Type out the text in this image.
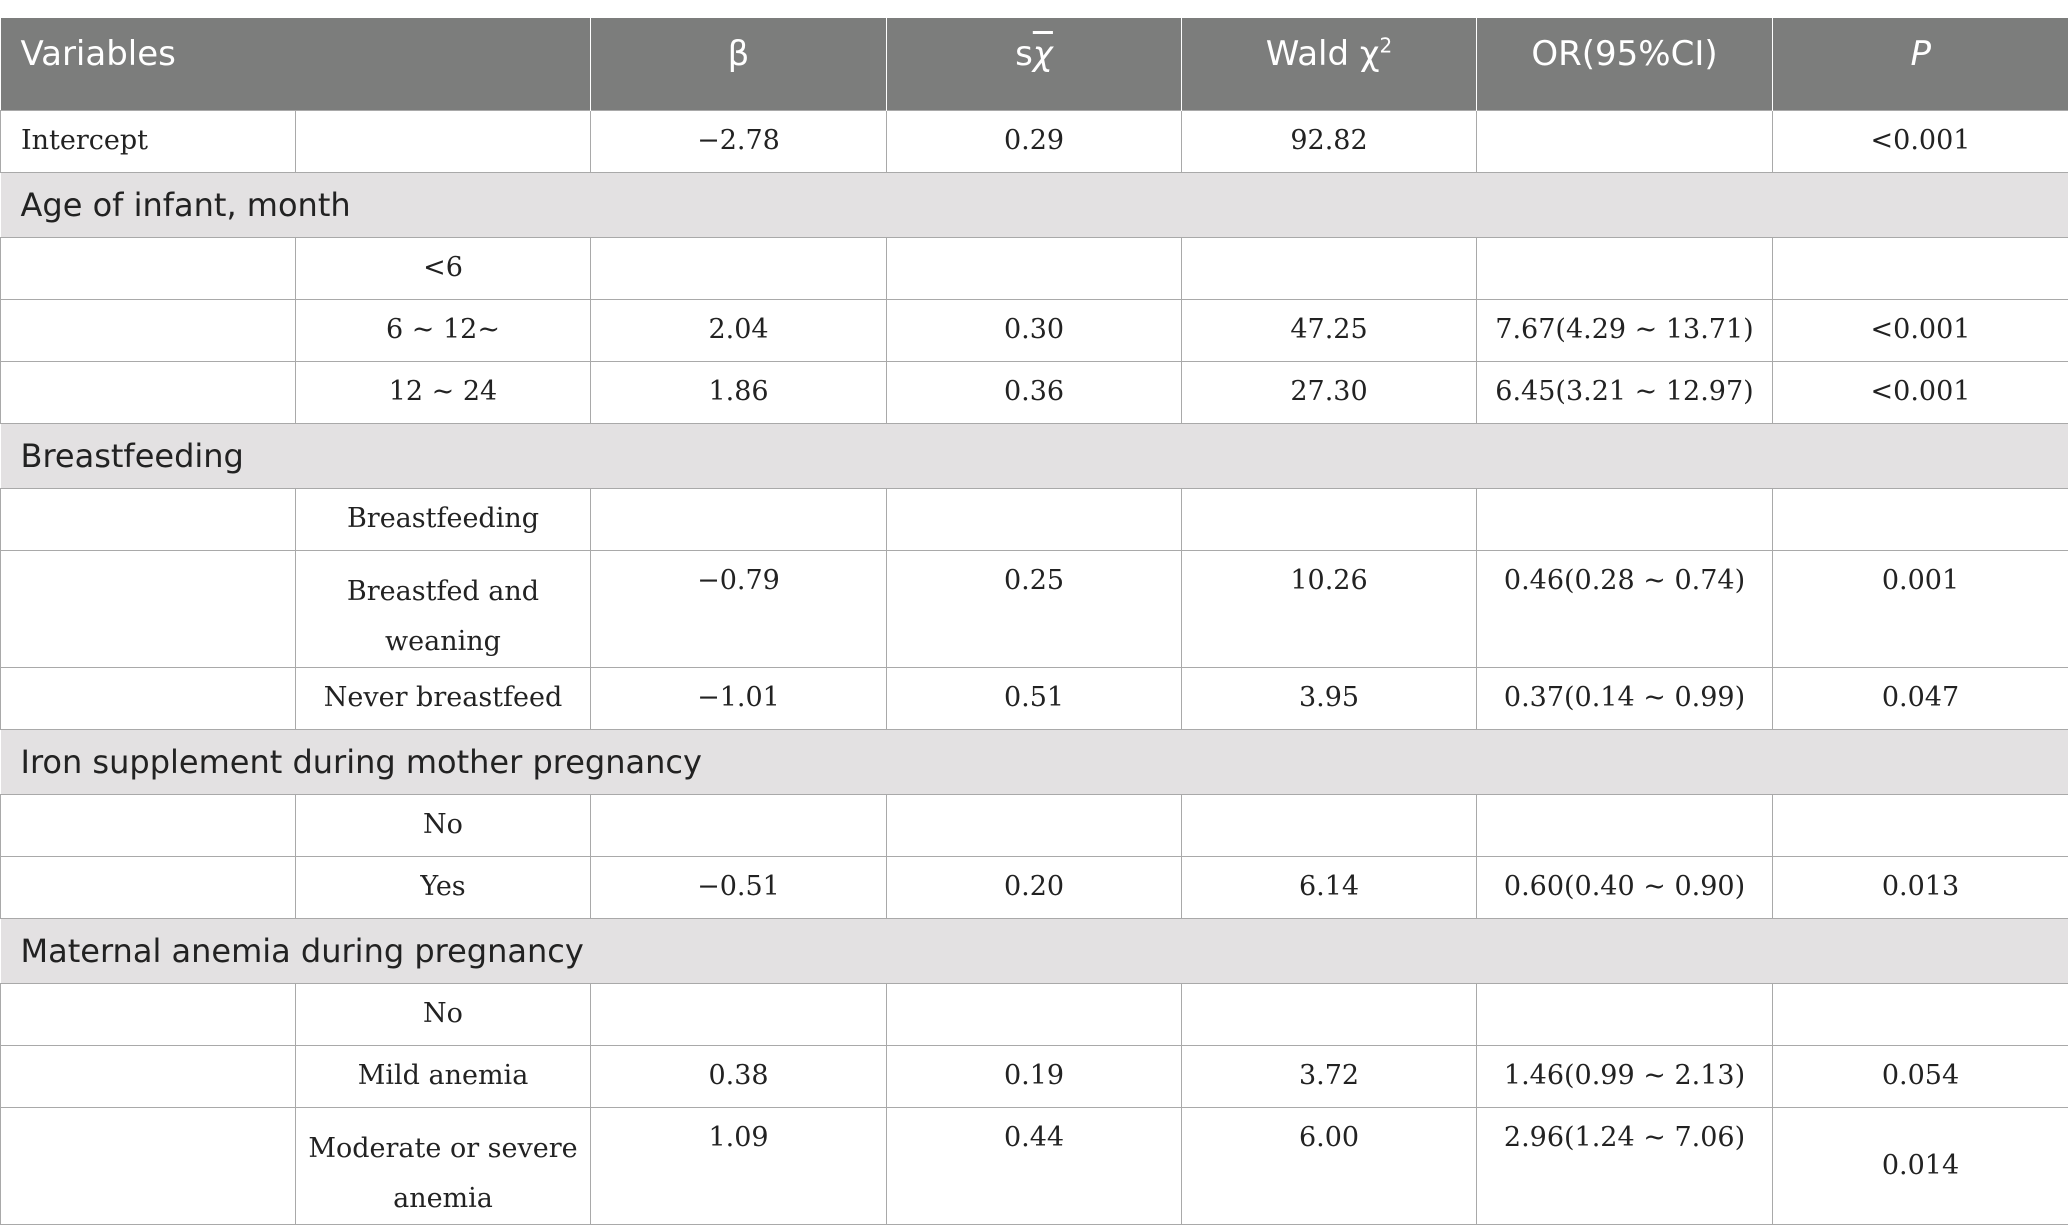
Variables		β	$s\overline{\chi}$	Wald $\chi^2$	OR(95%CI)	P

Intercept		−2.78	0.29	92.82		<0.001
Age of infant, month						
	<6					
	6 ~ 12~	2.04	0.30	47.25	7.67(4.29 ~ 13.71)	<0.001
	12 ~ 24	1.86	0.36	27.30	6.45(3.21 ~ 12.97)	<0.001
Breastfeeding						
	Breastfeeding					
	Breastfed and weaning	−0.79	0.25	10.26	0.46(0.28 ~ 0.74)	0.001
	Never breastfeed	−1.01	0.51	3.95	0.37(0.14 ~ 0.99)	0.047
Iron supplement during mother pregnancy						
	No					
	Yes	−0.51	0.20	6.14	0.60(0.40 ~ 0.90)	0.013
Maternal anemia during pregnancy						
	No					
	Mild anemia	0.38	0.19	3.72	1.46(0.99 ~ 2.13)	0.054
	Moderate or severe anemia	1.09	0.44	6.00	2.96(1.24 ~ 7.06)	0.014
